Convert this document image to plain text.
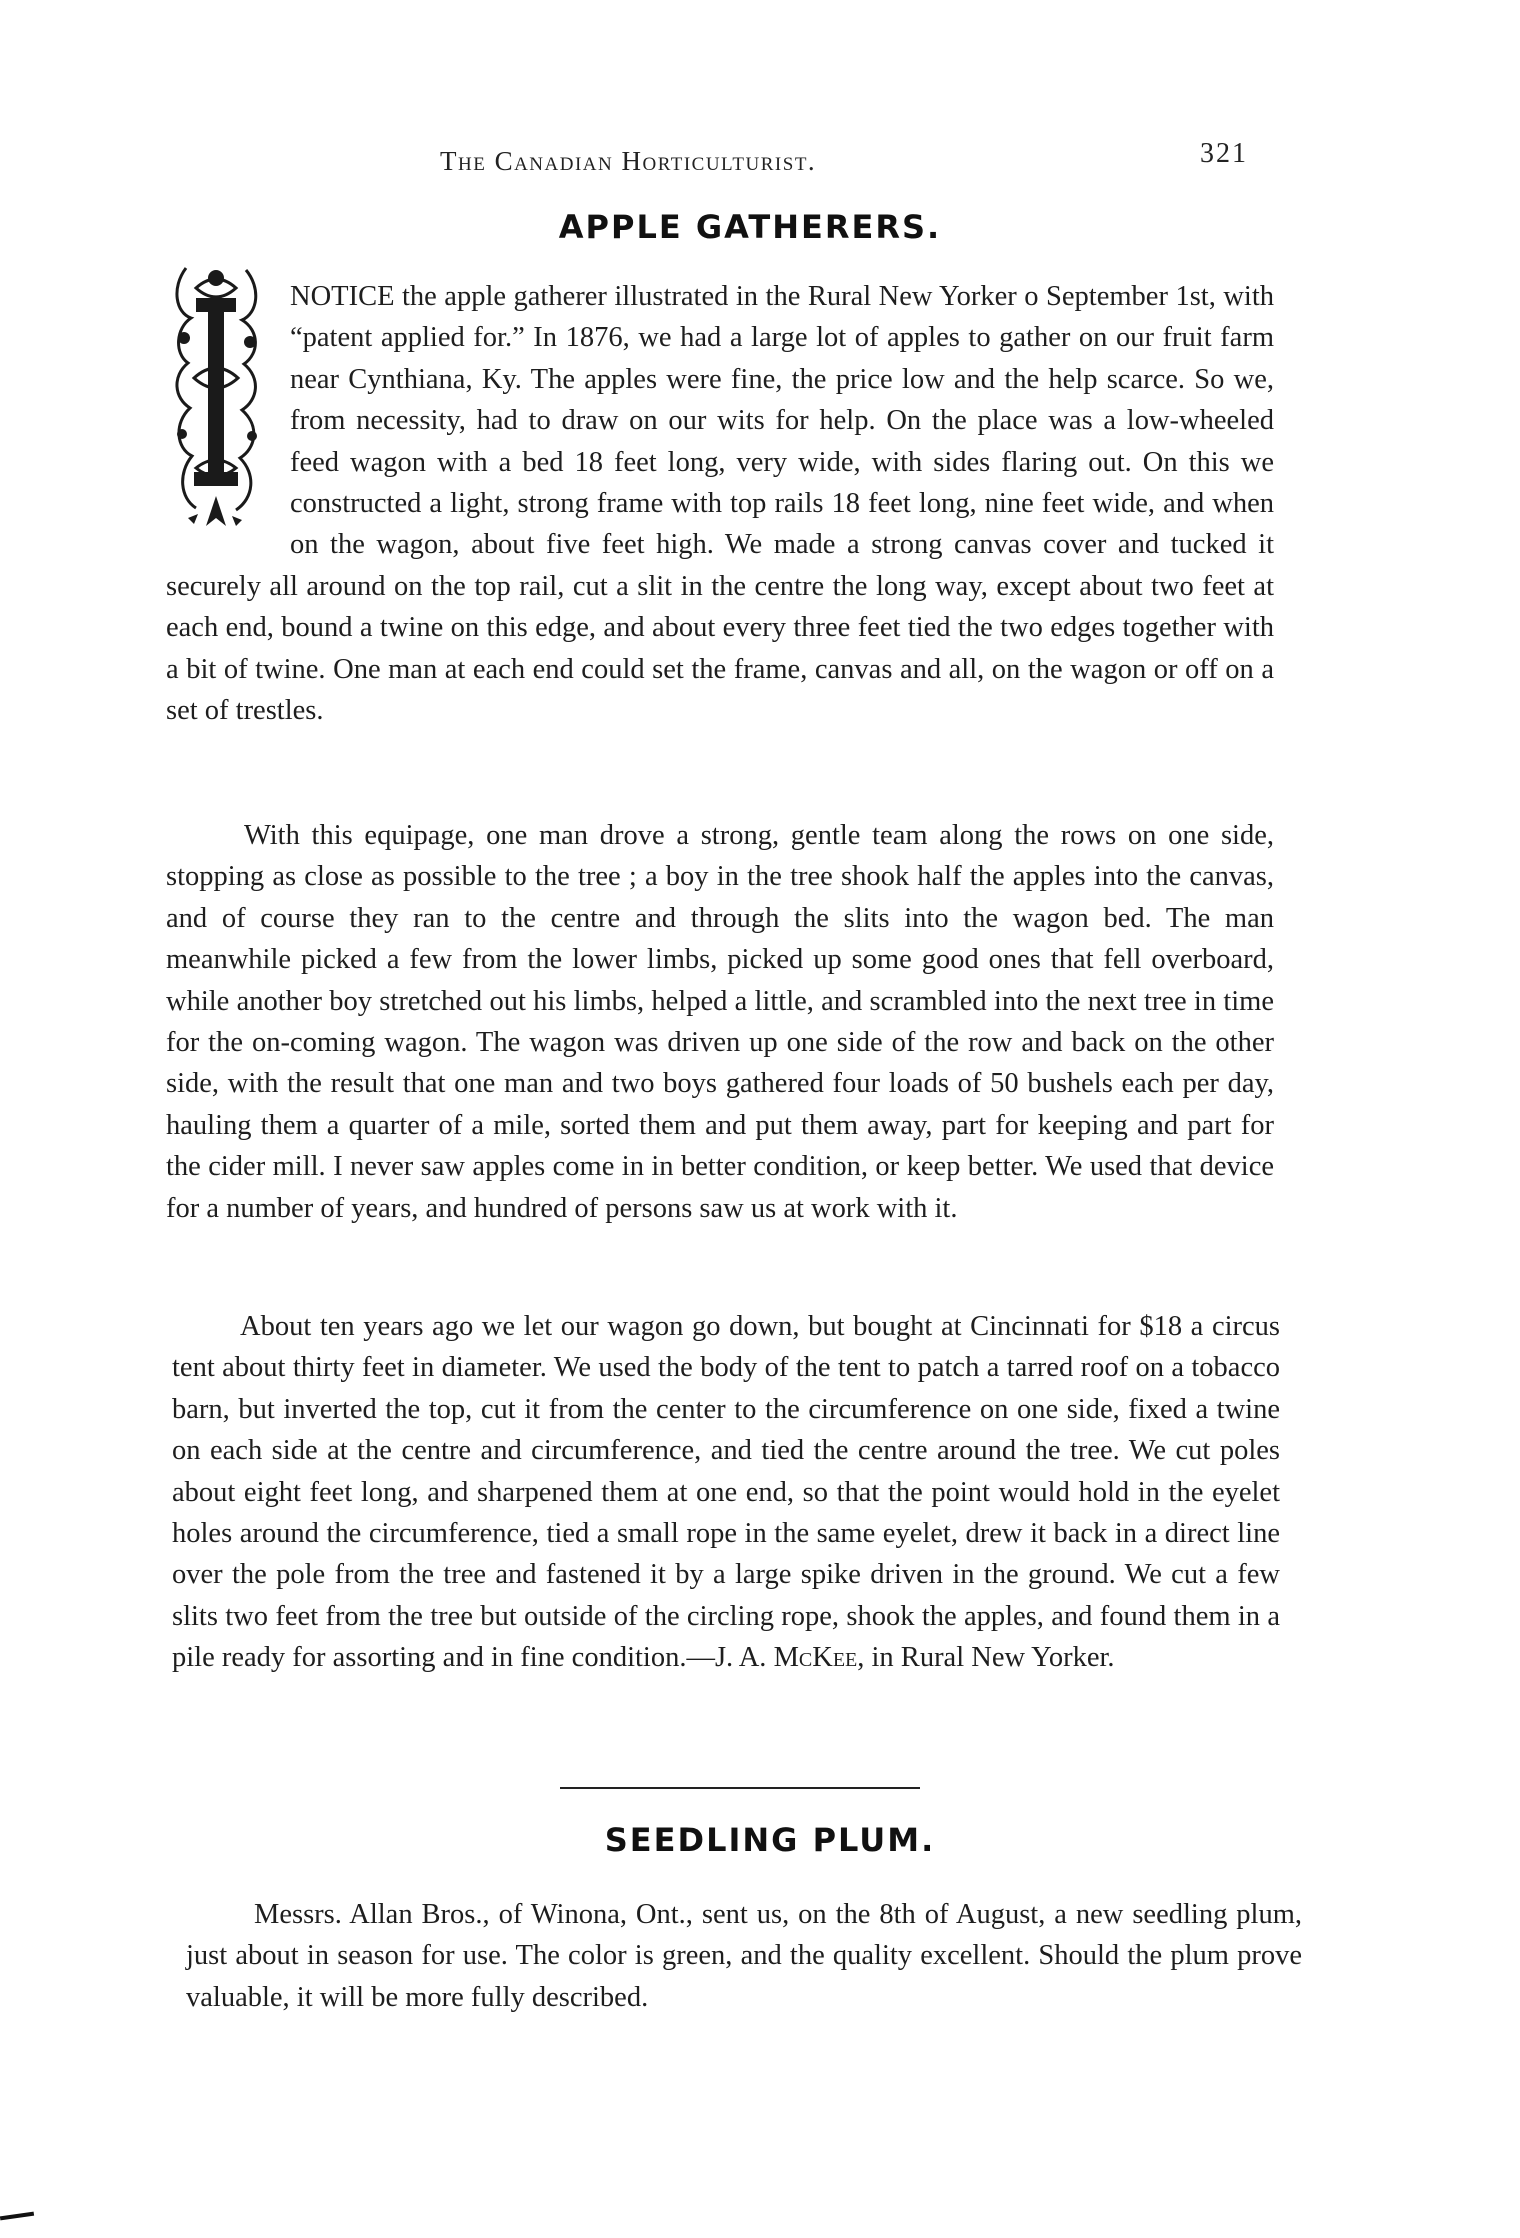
The Canadian Horticulturist.	321
APPLE GATHERERS.

NOTICE the apple gatherer illustrated in the Rural New Yorker o September 1st, with “patent applied for.” In 1876, we had a large lot of apples to gather on our fruit farm near Cynthiana, Ky. The apples were fine, the price low and the help scarce. So we, from necessity, had to draw on our wits for help. On the place was a low-wheeled feed wagon with a bed 18 feet long, very wide, with sides flaring out. On this we constructed a light, strong frame with top rails 18 feet long, nine feet wide, and when on the wagon, about five feet high. We made a strong canvas cover and tucked it securely all around on the top rail, cut a slit in the centre the long way, except about two feet at each end, bound a twine on this edge, and about every three feet tied the two edges together with a bit of twine. One man at each end could set the frame, canvas and all, on the wagon or off on a set of trestles.

With this equipage, one man drove a strong, gentle team along the rows on one side, stopping as close as possible to the tree ; a boy in the tree shook half the apples into the canvas, and of course they ran to the centre and through the slits into the wagon bed. The man meanwhile picked a few from the lower limbs, picked up some good ones that fell overboard, while another boy stretched out his limbs, helped a little, and scrambled into the next tree in time for the on-coming wagon. The wagon was driven up one side of the row and back on the other side, with the result that one man and two boys gathered four loads of 50 bushels each per day, hauling them a quarter of a mile, sorted them and put them away, part for keeping and part for the cider mill. I never saw apples come in in better condition, or keep better. We used that device for a number of years, and hundred of persons saw us at work with it.

About ten years ago we let our wagon go down, but bought at Cincinnati for $18 a circus tent about thirty feet in diameter. We used the body of the tent to patch a tarred roof on a tobacco barn, but inverted the top, cut it from the center to the circumference on one side, fixed a twine on each side at the centre and circumference, and tied the centre around the tree. We cut poles about eight feet long, and sharpened them at one end, so that the point would hold in the eyelet holes around the circumference, tied a small rope in the same eyelet, drew it back in a direct line over the pole from the tree and fastened it by a large spike driven in the ground. We cut a few slits two feet from the tree but outside of the circling rope, shook the apples, and found them in a pile ready for assorting and in fine condition.—J. A. McKee, in Rural New Yorker.

SEEDLING PLUM.

Messrs. Allan Bros., of Winona, Ont., sent us, on the 8th of August, a new seedling plum, just about in season for use. The color is green, and the quality excellent. Should the plum prove valuable, it will be more fully described.
